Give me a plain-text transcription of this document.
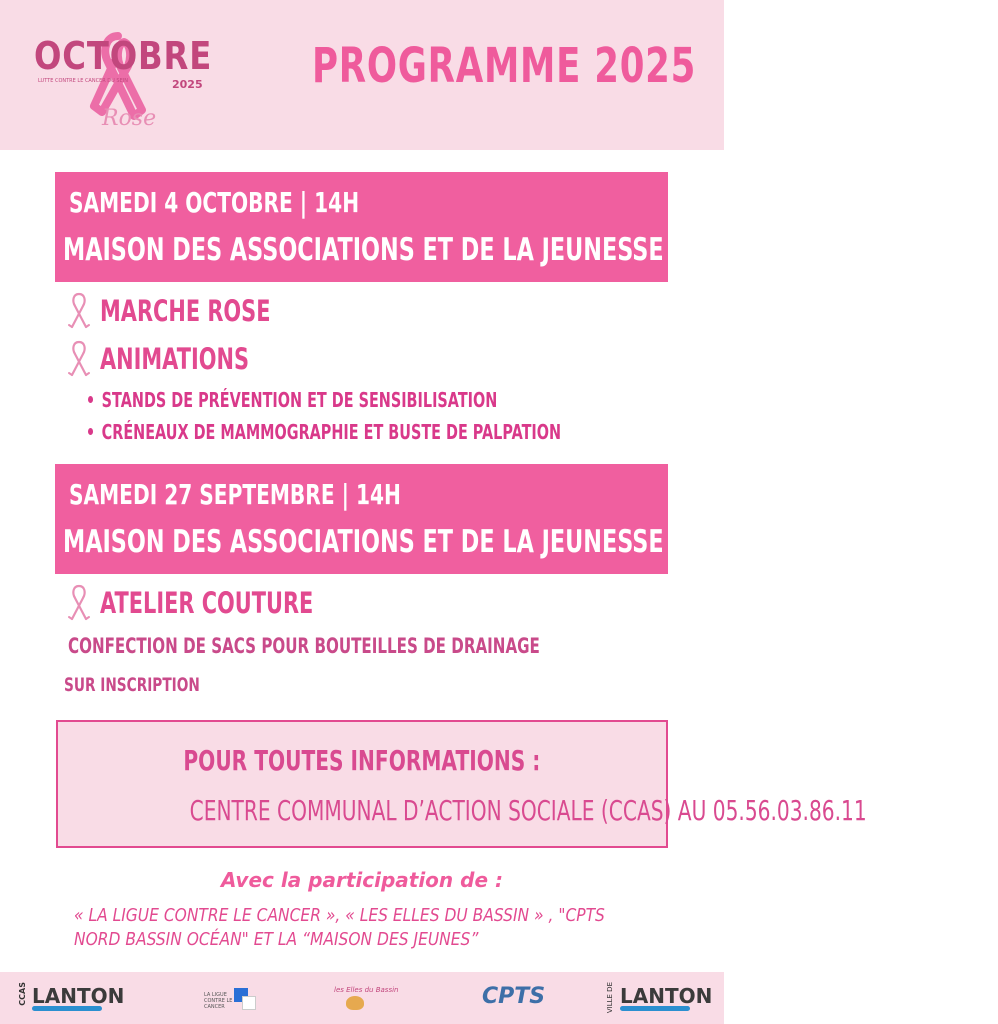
OCTOBRE
LUTTE CONTRE LE CANCER DU SEIN	2025
Rose
PROGRAMME 2025
SAMEDI 4 OCTOBRE | 14H
MAISON DES ASSOCIATIONS ET DE LA JEUNESSE
MARCHE ROSE
ANIMATIONS
STANDS DE PRÉVENTION ET DE SENSIBILISATION
CRÉNEAUX DE MAMMOGRAPHIE ET BUSTE DE PALPATION
SAMEDI 27 SEPTEMBRE | 14H
MAISON DES ASSOCIATIONS ET DE LA JEUNESSE
ATELIER COUTURE
CONFECTION DE SACS POUR BOUTEILLES DE DRAINAGE
SUR INSCRIPTION
POUR TOUTES INFORMATIONS :
CENTRE COMMUNAL D’ACTION SOCIALE (CCAS) AU 05.56.03.86.11
Avec la participation de :
« LA LIGUE CONTRE LE CANCER », « LES ELLES DU BASSIN » , "CPTS
NORD BASSIN OCÉAN" ET LA “MAISON DES JEUNES”
CCAS LANTON	LA LIGUE CONTRE LE CANCER
les Elles du Bassin	CPTS	VILLE DE LANTON
